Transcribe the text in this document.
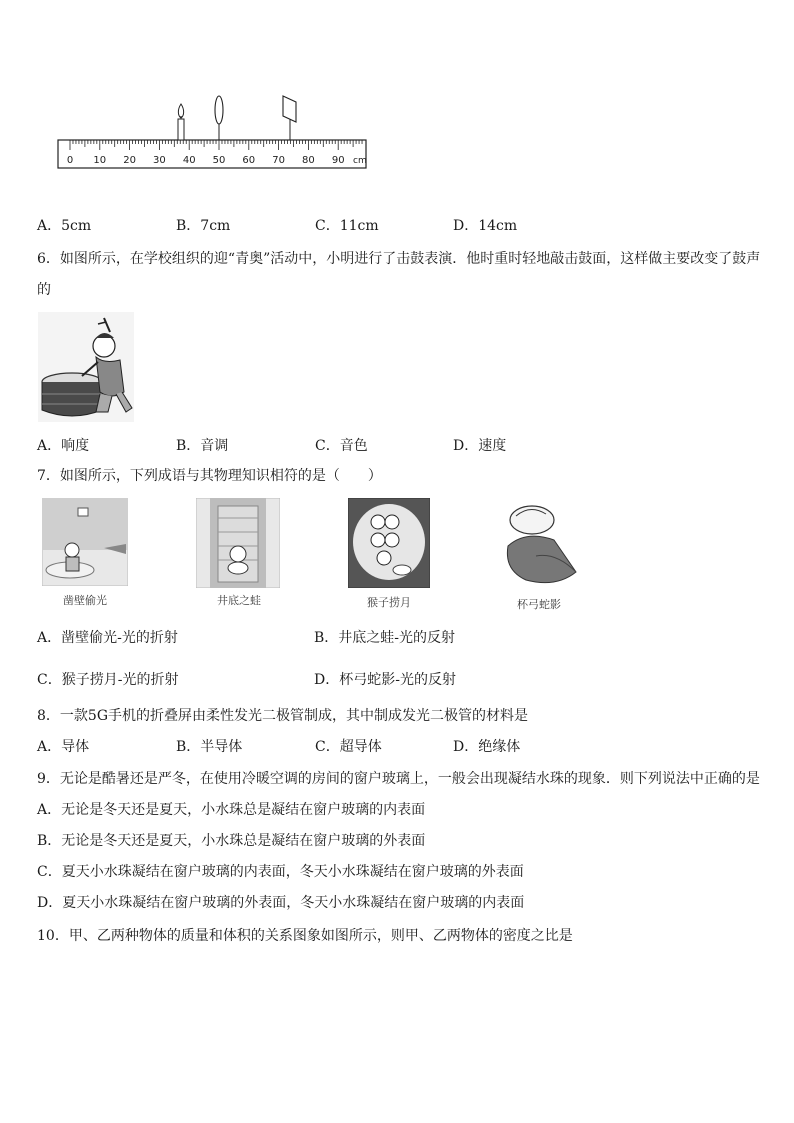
0 10 20 30 40 50 60 70 80 90 cm
A．5cm	B．7cm	C．11cm	D．14cm
6．如图所示，在学校组织的迎“青奥”活动中，小明进行了击鼓表演．他时重时轻地敲击鼓面，这样做主要改变了鼓声
的
A．响度	B．音调	C．音色	D．速度
7．如图所示，下列成语与其物理知识相符的是（　　）
凿壁偷光	井底之蛙	猴子捞月	杯弓蛇影
A．凿壁偷光-光的折射	B．井底之蛙-光的反射
C．猴子捞月-光的折射	D．杯弓蛇影-光的反射
8．一款5G手机的折叠屏由柔性发光二极管制成，其中制成发光二极管的材料是
A．导体	B．半导体	C．超导体	D．绝缘体
9．无论是酷暑还是严冬，在使用冷暖空调的房间的窗户玻璃上，一般会出现凝结水珠的现象．则下列说法中正确的是
A．无论是冬天还是夏天，小水珠总是凝结在窗户玻璃的内表面
B．无论是冬天还是夏天，小水珠总是凝结在窗户玻璃的外表面
C．夏天小水珠凝结在窗户玻璃的内表面，冬天小水珠凝结在窗户玻璃的外表面
D．夏天小水珠凝结在窗户玻璃的外表面，冬天小水珠凝结在窗户玻璃的内表面
10．甲、乙两种物体的质量和体积的关系图象如图所示，则甲、乙两物体的密度之比是
